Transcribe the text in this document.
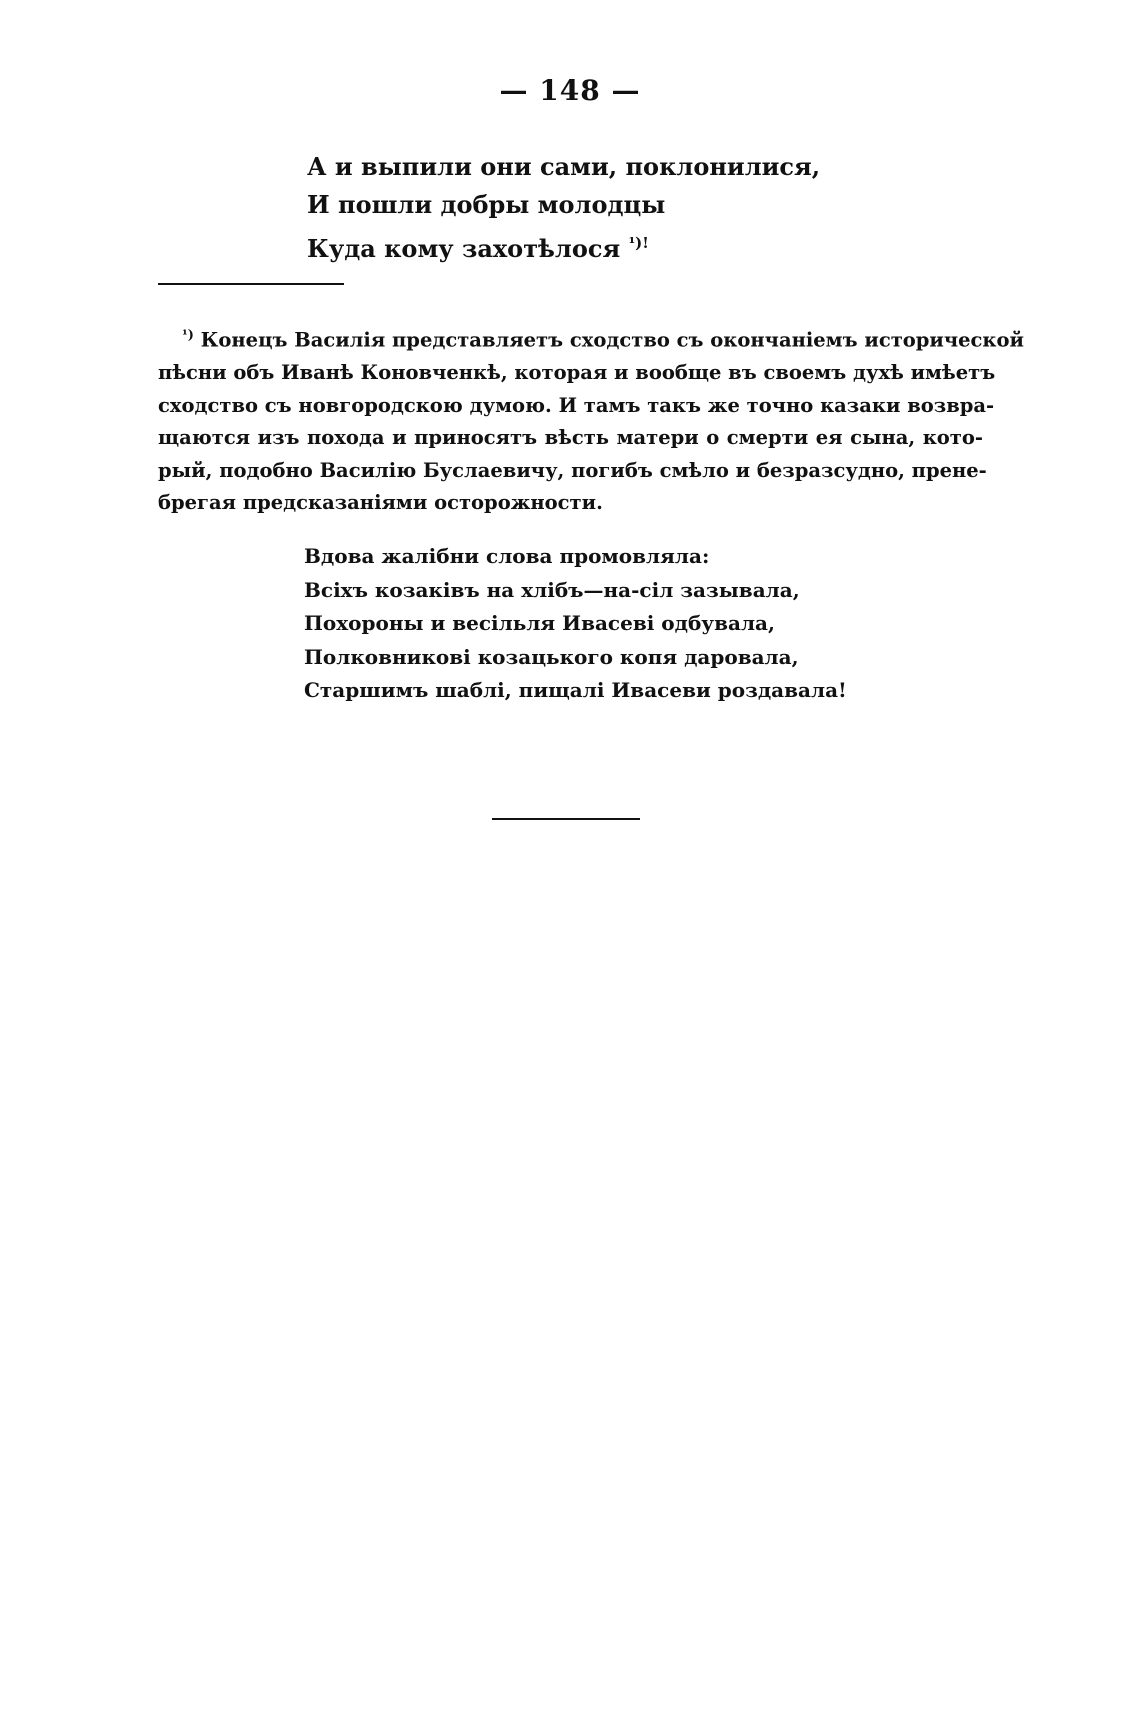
— 148 —
А и выпили они сами, поклонилися,
И пошли добры молодцы
Куда кому захотѣлося $^{^1)!}$
$^{^1)}$ Конецъ Василія представляетъ сходство съ окончаніемъ исторической
пѣсни объ Иванѣ Коновченкѣ, которая и вообще въ своемъ духѣ имѣетъ
сходство съ новгородскою думою. И тамъ такъ же точно казаки возвра-
щаются изъ похода и приносятъ вѣсть матери о смерти ея сына, кото-
рый, подобно Василію Буслаевичу, погибъ смѣло и безразсудно, прене-
брегая предсказаніями осторожности.
Вдова жалібни слова промовляла:
Всіхъ козаківъ на хлібъ—на-сіл зазывала,
Похороны и весільля Ивасеві одбувала,
Полковникові козацького копя даровала,
Старшимъ шаблі, пищалі Ивасеви роздавала!
